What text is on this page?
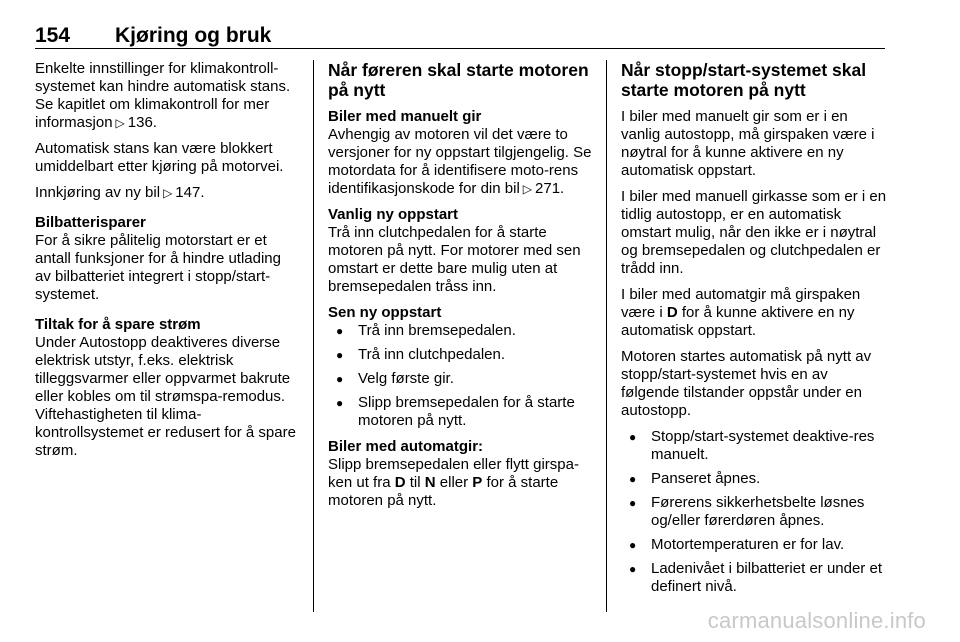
154 Kjøring og bruk

Enkelte innstillinger for klimakontroll-systemet kan hindre automatisk stans. Se kapitlet om klimakontroll for mer informasjon ▷ 136.

Automatisk stans kan være blokkert umiddelbart etter kjøring på motorvei.

Innkjøring av ny bil ▷ 147.

Bilbatterisparer

For å sikre pålitelig motorstart er et antall funksjoner for å hindre utlading av bilbatteriet integrert i stopp/start-systemet.

Tiltak for å spare strøm

Under Autostopp deaktiveres diverse elektrisk utstyr, f.eks. elektrisk tilleggsvarmer eller oppvarmet bakrute eller kobles om til strømspa-remodus. Viftehastigheten til klima-kontrollsystemet er redusert for å spare strøm.

Når føreren skal starte motoren på nytt

Biler med manuelt gir

Avhengig av motoren vil det være to versjoner for ny oppstart tilgjengelig. Se motordata for å identifisere moto-rens identifikasjonskode for din bil ▷ 271.

Vanlig ny oppstart

Trå inn clutchpedalen for å starte motoren på nytt. For motorer med sen omstart er dette bare mulig uten at bremsepedalen tråss inn.

Sen ny oppstart

● Trå inn bremsepedalen.
● Trå inn clutchpedalen.
● Velg første gir.
● Slipp bremsepedalen for å starte motoren på nytt.

Biler med automatgir:

Slipp bremsepedalen eller flytt girspa-ken ut fra D til N eller P for å starte motoren på nytt.

Når stopp/start-systemet skal starte motoren på nytt

I biler med manuelt gir som er i en vanlig autostopp, må girspaken være i nøytral for å kunne aktivere en ny automatisk oppstart.

I biler med manuell girkasse som er i en tidlig autostopp, er en automatisk omstart mulig, når den ikke er i nøytral og bremsepedalen og clutchpedalen er trådd inn.

I biler med automatgir må girspaken være i D for å kunne aktivere en ny automatisk oppstart.

Motoren startes automatisk på nytt av stopp/start-systemet hvis en av følgende tilstander oppstår under en autostopp.

● Stopp/start-systemet deaktive-res manuelt.
● Panseret åpnes.
● Førerens sikkerhetsbelte løsnes og/eller førerdøren åpnes.
● Motortemperaturen er for lav.
● Ladenivået i bilbatteriet er under et definert nivå.
carmanualsonline.info
